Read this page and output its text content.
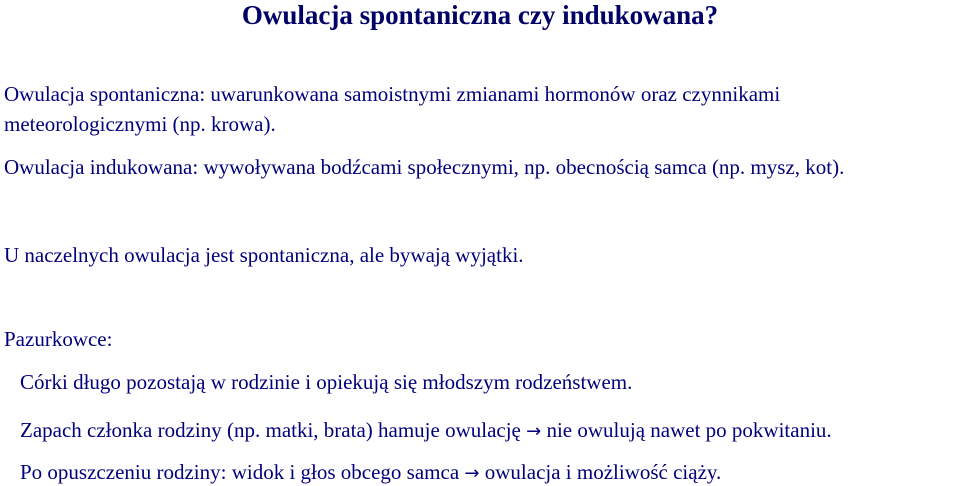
Owulacja spontaniczna czy indukowana?
Owulacja spontaniczna: uwarunkowana samoistnymi zmianami hormonów oraz czynnikami
meteorologicznymi (np. krowa).
Owulacja indukowana: wywoływana bodźcami społecznymi, np. obecnością samca (np. mysz, kot).
U naczelnych owulacja jest spontaniczna, ale bywają wyjątki.
Pazurkowce:
Córki długo pozostają w rodzinie i opiekują się młodszym rodzeństwem.
Zapach członka rodziny (np. matki, brata) hamuje owulację → nie owulują nawet po pokwitaniu.
Po opuszczeniu rodziny: widok i głos obcego samca → owulacja i możliwość ciąży.
